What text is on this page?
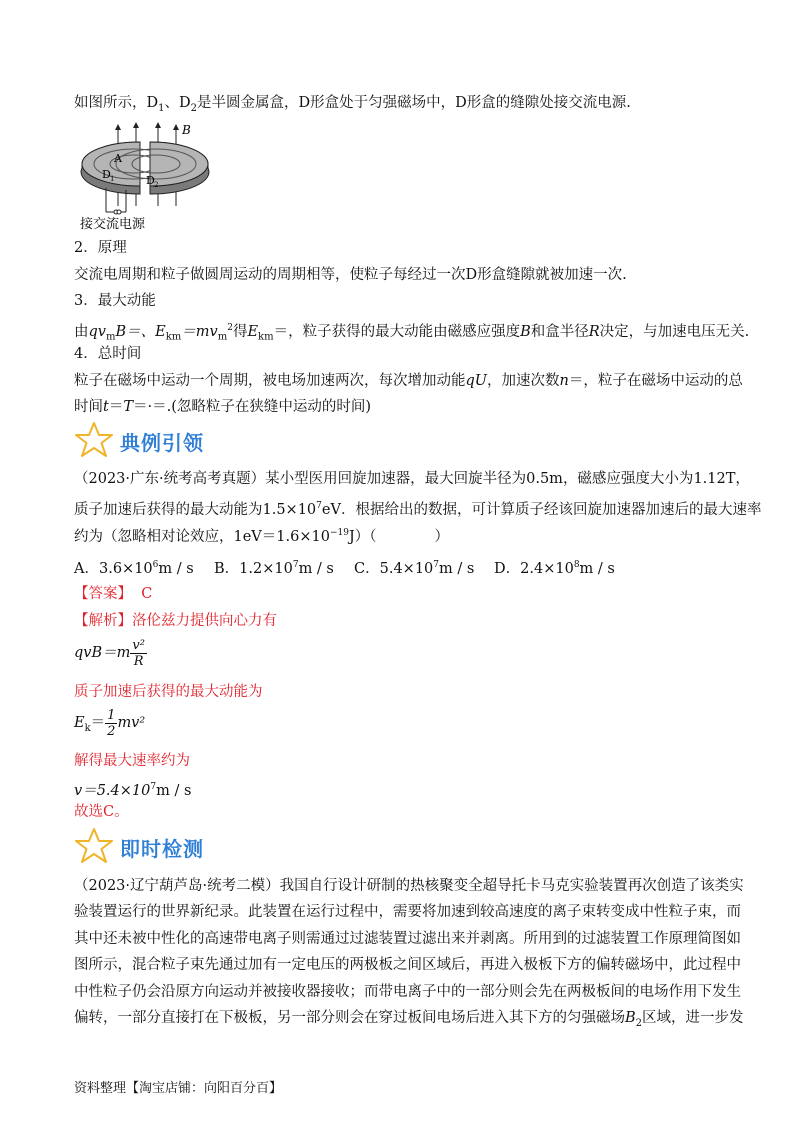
如图所示，$D_1$、$D_2$是半圆金属盒，D形盒处于匀强磁场中，D形盒的缝隙处接交流电源.
B
A
D 1	D 2
接交流电源
2．原理
交流电周期和粒子做圆周运动的周期相等，使粒子每经过一次D形盒缝隙就被加速一次.
3．最大动能
由$qv_mB=$、$E_{km}=mv_m^2$得$E_{km}=$，粒子获得的最大动能由磁感应强度B和盒半径R决定，与加速电压无关.
4．总时间
粒子在磁场中运动一个周期，被电场加速两次，每次增加动能qU，加速次数n＝，粒子在磁场中运动的总
时间t＝T＝·＝.(忽略粒子在狭缝中运动的时间)
典例引领
（2023·广东·统考高考真题）某小型医用回旋加速器，最大回旋半径为0.5m，磁感应强度大小为1.12T，
质子加速后获得的最大动能为$1.5\times 10^7eV$．根据给出的数据，可计算质子经该回旋加速器加速后的最大速率
约为（忽略相对论效应，$1eV=1.6\times 10^{-19}J$）（　　　　）
A．$3.6\times 10^6m / s$ B．$1.2\times 10^7m / s$ C．$5.4\times 10^7m / s$ D．$2.4\times 10^8m / s$
【答案】 C
【解析】洛伦兹力提供向心力有
$qvB=m \frac{\text{v²}}{R}$
质子加速后获得的最大动能为
$E_k= \frac{1}{2} mv^2$
解得最大速率约为
$v=5.4\times 10^7m / s$
故选C。
即时检测
（2023·辽宁葫芦岛·统考二模）我国自行设计研制的热核聚变全超导托卡马克实验装置再次创造了该类实
验装置运行的世界新纪录。此装置在运行过程中，需要将加速到较高速度的离子束转变成中性粒子束，而
其中还未被中性化的高速带电离子则需通过过滤装置过滤出来并剥离。所用到的过滤装置工作原理简图如
图所示，混合粒子束先通过加有一定电压的两极板之间区域后，再进入极板下方的偏转磁场中，此过程中
中性粒子仍会沿原方向运动并被接收器接收；而带电离子中的一部分则会先在两极板间的电场作用下发生
偏转，一部分直接打在下极板，另一部分则会在穿过板间电场后进入其下方的匀强磁场$B_2$区域，进一步发
资料整理【淘宝店铺：向阳百分百】
